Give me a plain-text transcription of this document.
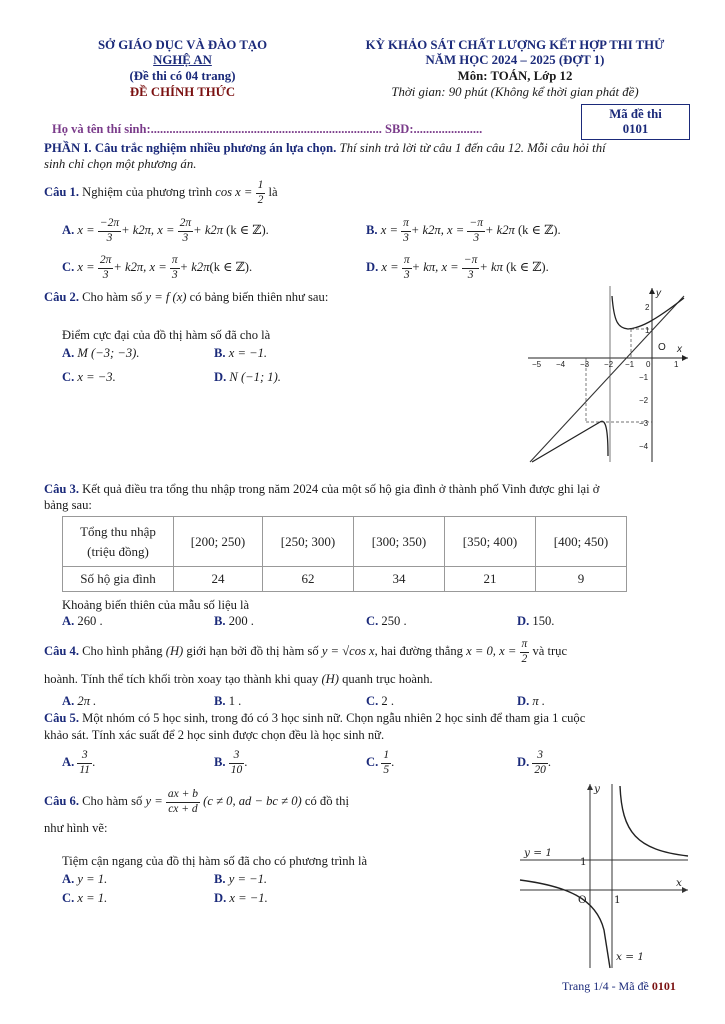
SỞ GIÁO DỤC VÀ ĐÀO TẠO
NGHỆ AN
(Đề thi có 04 trang)
ĐỀ CHÍNH THỨC
KỲ KHẢO SÁT CHẤT LƯỢNG KẾT HỢP THI THỬ
NĂM HỌC 2024 – 2025 (ĐỢT 1)
Môn: TOÁN, Lớp 12
Thời gian: 90 phút (Không kể thời gian phát đề)
Mã đề thi
0101
Họ và tên thí sinh:.......................................................................... SBD:......................
PHẦN I. Câu trắc nghiệm nhiều phương án lựa chọn. Thí sinh trả lời từ câu 1 đến câu 12. Mỗi câu hỏi thí
sinh chỉ chọn một phương án.
Câu 1. Nghiệm của phương trình $\cos x = \frac{1}{2}$ là
A. $x = \frac{-2\pi}{3} + k2\pi$, $x = \frac{2\pi}{3} + k2\pi$ (k ∈ ℤ).	B. $x = \frac{\pi}{3} + k2\pi$, $x = \frac{-\pi}{3} + k2\pi$ (k ∈ ℤ).
C. $x = \frac{2\pi}{3} + k2\pi$, $x = \frac{\pi}{3} + k2\pi(k$ ∈ ℤ).	D. $x = \frac{\pi}{3} + k\pi$, $x = \frac{-\pi}{3} + k\pi$ (k ∈ ℤ).
Câu 2. Cho hàm số y = f (x) có bảng biến thiên như sau:
Điểm cực đại của đồ thị hàm số đã cho là
A. M (−3; −3).	B. x = −1.
C. x = −3.	D. N (−1; 1).
−5 −4 −3 −2 −1 0	1
2
1
−1
−2
−3
−4
O x
y
Câu 3. Kết quả điều tra tổng thu nhập trong năm 2024 của một số hộ gia đình ở thành phố Vinh được ghi lại ở
bảng sau:
Tổng thu nhập
(triệu đồng)	[200; 250)	[250; 300)	[300; 350)	[350; 400)	[400; 450)
Số hộ gia đình	24	62	34	21	9
Khoảng biến thiên của mẫu số liệu là
A. 260 .	B. 200 .	C. 250 .	D. 150.
Câu 4. Cho hình phẳng (H) giới hạn bởi đồ thị hàm số y = √cos x, hai đường thẳng x = 0, $x = \frac{\pi}{2}$ và trục
hoành. Tính thể tích khối tròn xoay tạo thành khi quay (H) quanh trục hoành.
A. 2π .	B. 1 .	C. 2 .	D. π .
Câu 5. Một nhóm có 5 học sinh, trong đó có 3 học sinh nữ. Chọn ngẫu nhiên 2 học sinh để tham gia 1 cuộc
khảo sát. Tính xác suất để 2 học sinh được chọn đều là học sinh nữ.
A. $\frac{3}{11}$ .	B. $\frac{3}{10}$ .	C. $\frac{1}{5}$ .	D. $\frac{3}{20}$ .
Câu 6. Cho hàm số $y = \frac{ax + b}{cx + d} (c \ne 0$, ad − bc ≠ 0) có đồ thị
như hình vẽ:
Tiệm cận ngang của đồ thị hàm số đã cho có phương trình là
A. y = 1.	B. y = −1.
C. x = 1.	D. x = −1.
y = 1
1
1
O
x
y
x = 1
Trang 1/4 - Mã đề 0101
